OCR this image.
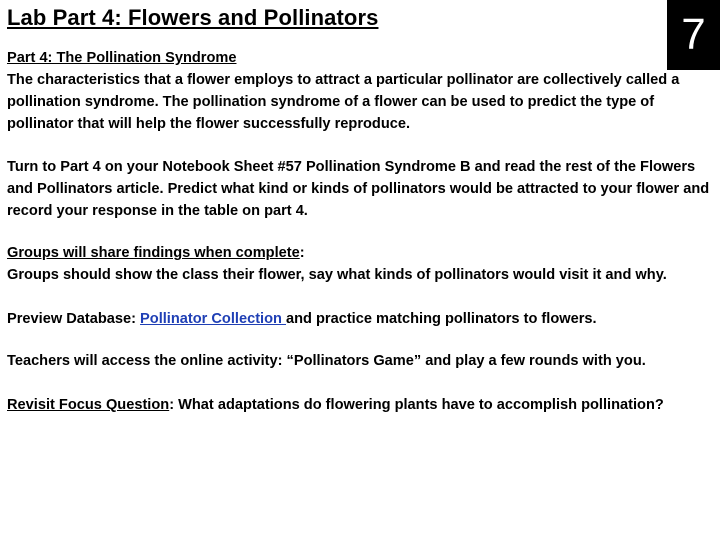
Lab Part 4: Flowers and Pollinators	7
Part 4: The Pollination Syndrome
The characteristics that a flower employs to attract a particular pollinator are collectively called a pollination syndrome. The pollination syndrome of a flower can be used to predict the type of pollinator that will help the flower successfully reproduce.
Turn to Part 4 on your Notebook Sheet #57 Pollination Syndrome B and read the rest of the Flowers and Pollinators article. Predict what kind or kinds of pollinators would be attracted to your flower and record your response in the table on part 4.
Groups will share findings when complete:
Groups should show the class their flower, say what kinds of pollinators would visit it and why.
Preview Database: Pollinator Collection and practice matching pollinators to flowers.
Teachers will access the online activity: “Pollinators Game” and play a few rounds with you.
Revisit Focus Question: What adaptations do flowering plants have to accomplish pollination?
